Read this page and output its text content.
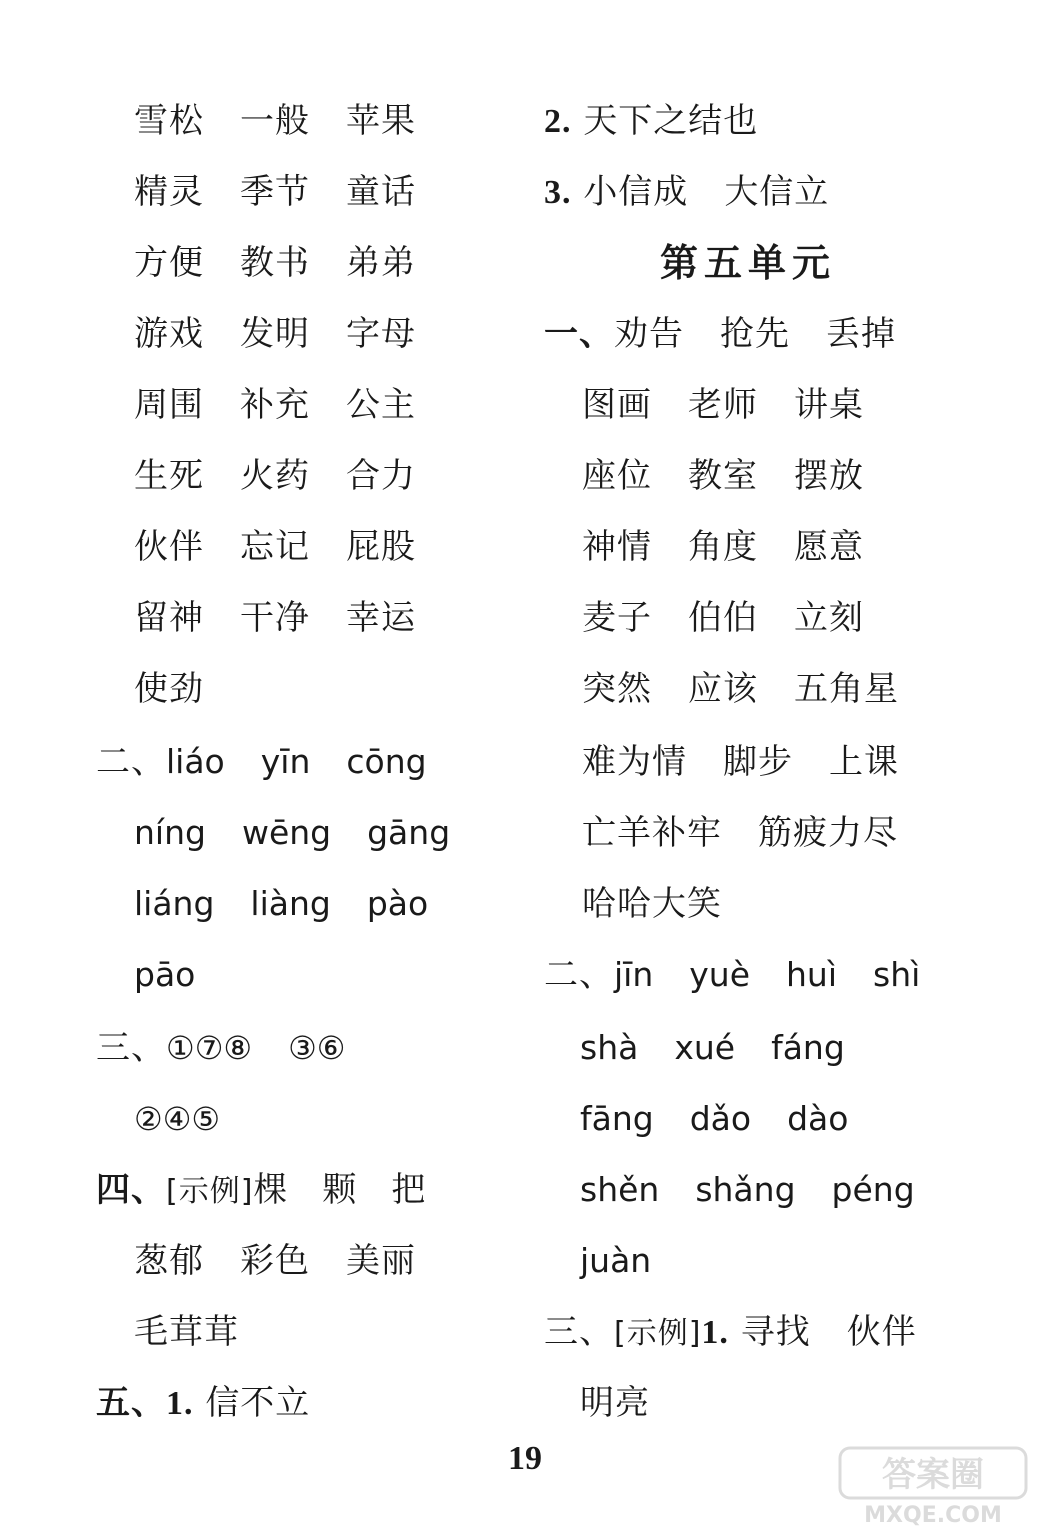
雪松 一般 苹果
精灵 季节 童话
方便 教书 弟弟
游戏 发明 字母
周围 补充 公主
生死 火药 合力
伙伴 忘记 屁股
留神 干净 幸运
使劲
二、liáo yīn cōng
níng wēng gāng
liáng liàng pào
pāo
三、①⑦⑧ ③⑥
②④⑤
四、[示例]棵 颗 把
葱郁 彩色 美丽
毛茸茸
五、1. 信不立
2. 天下之结也
3. 小信成 大信立
第五单元
一、劝告 抢先 丢掉
图画 老师 讲桌
座位 教室 摆放
神情 角度 愿意
麦子 伯伯 立刻
突然 应该 五角星
难为情 脚步 上课
亡羊补牢 筋疲力尽
哈哈大笑
二、jīn yuè huì shì
shà xué fáng
fāng dǎo dào
shěn shǎng péng
juàn
三、[示例]1. 寻找 伙伴
明亮
19	答案圈
MXQE.COM
